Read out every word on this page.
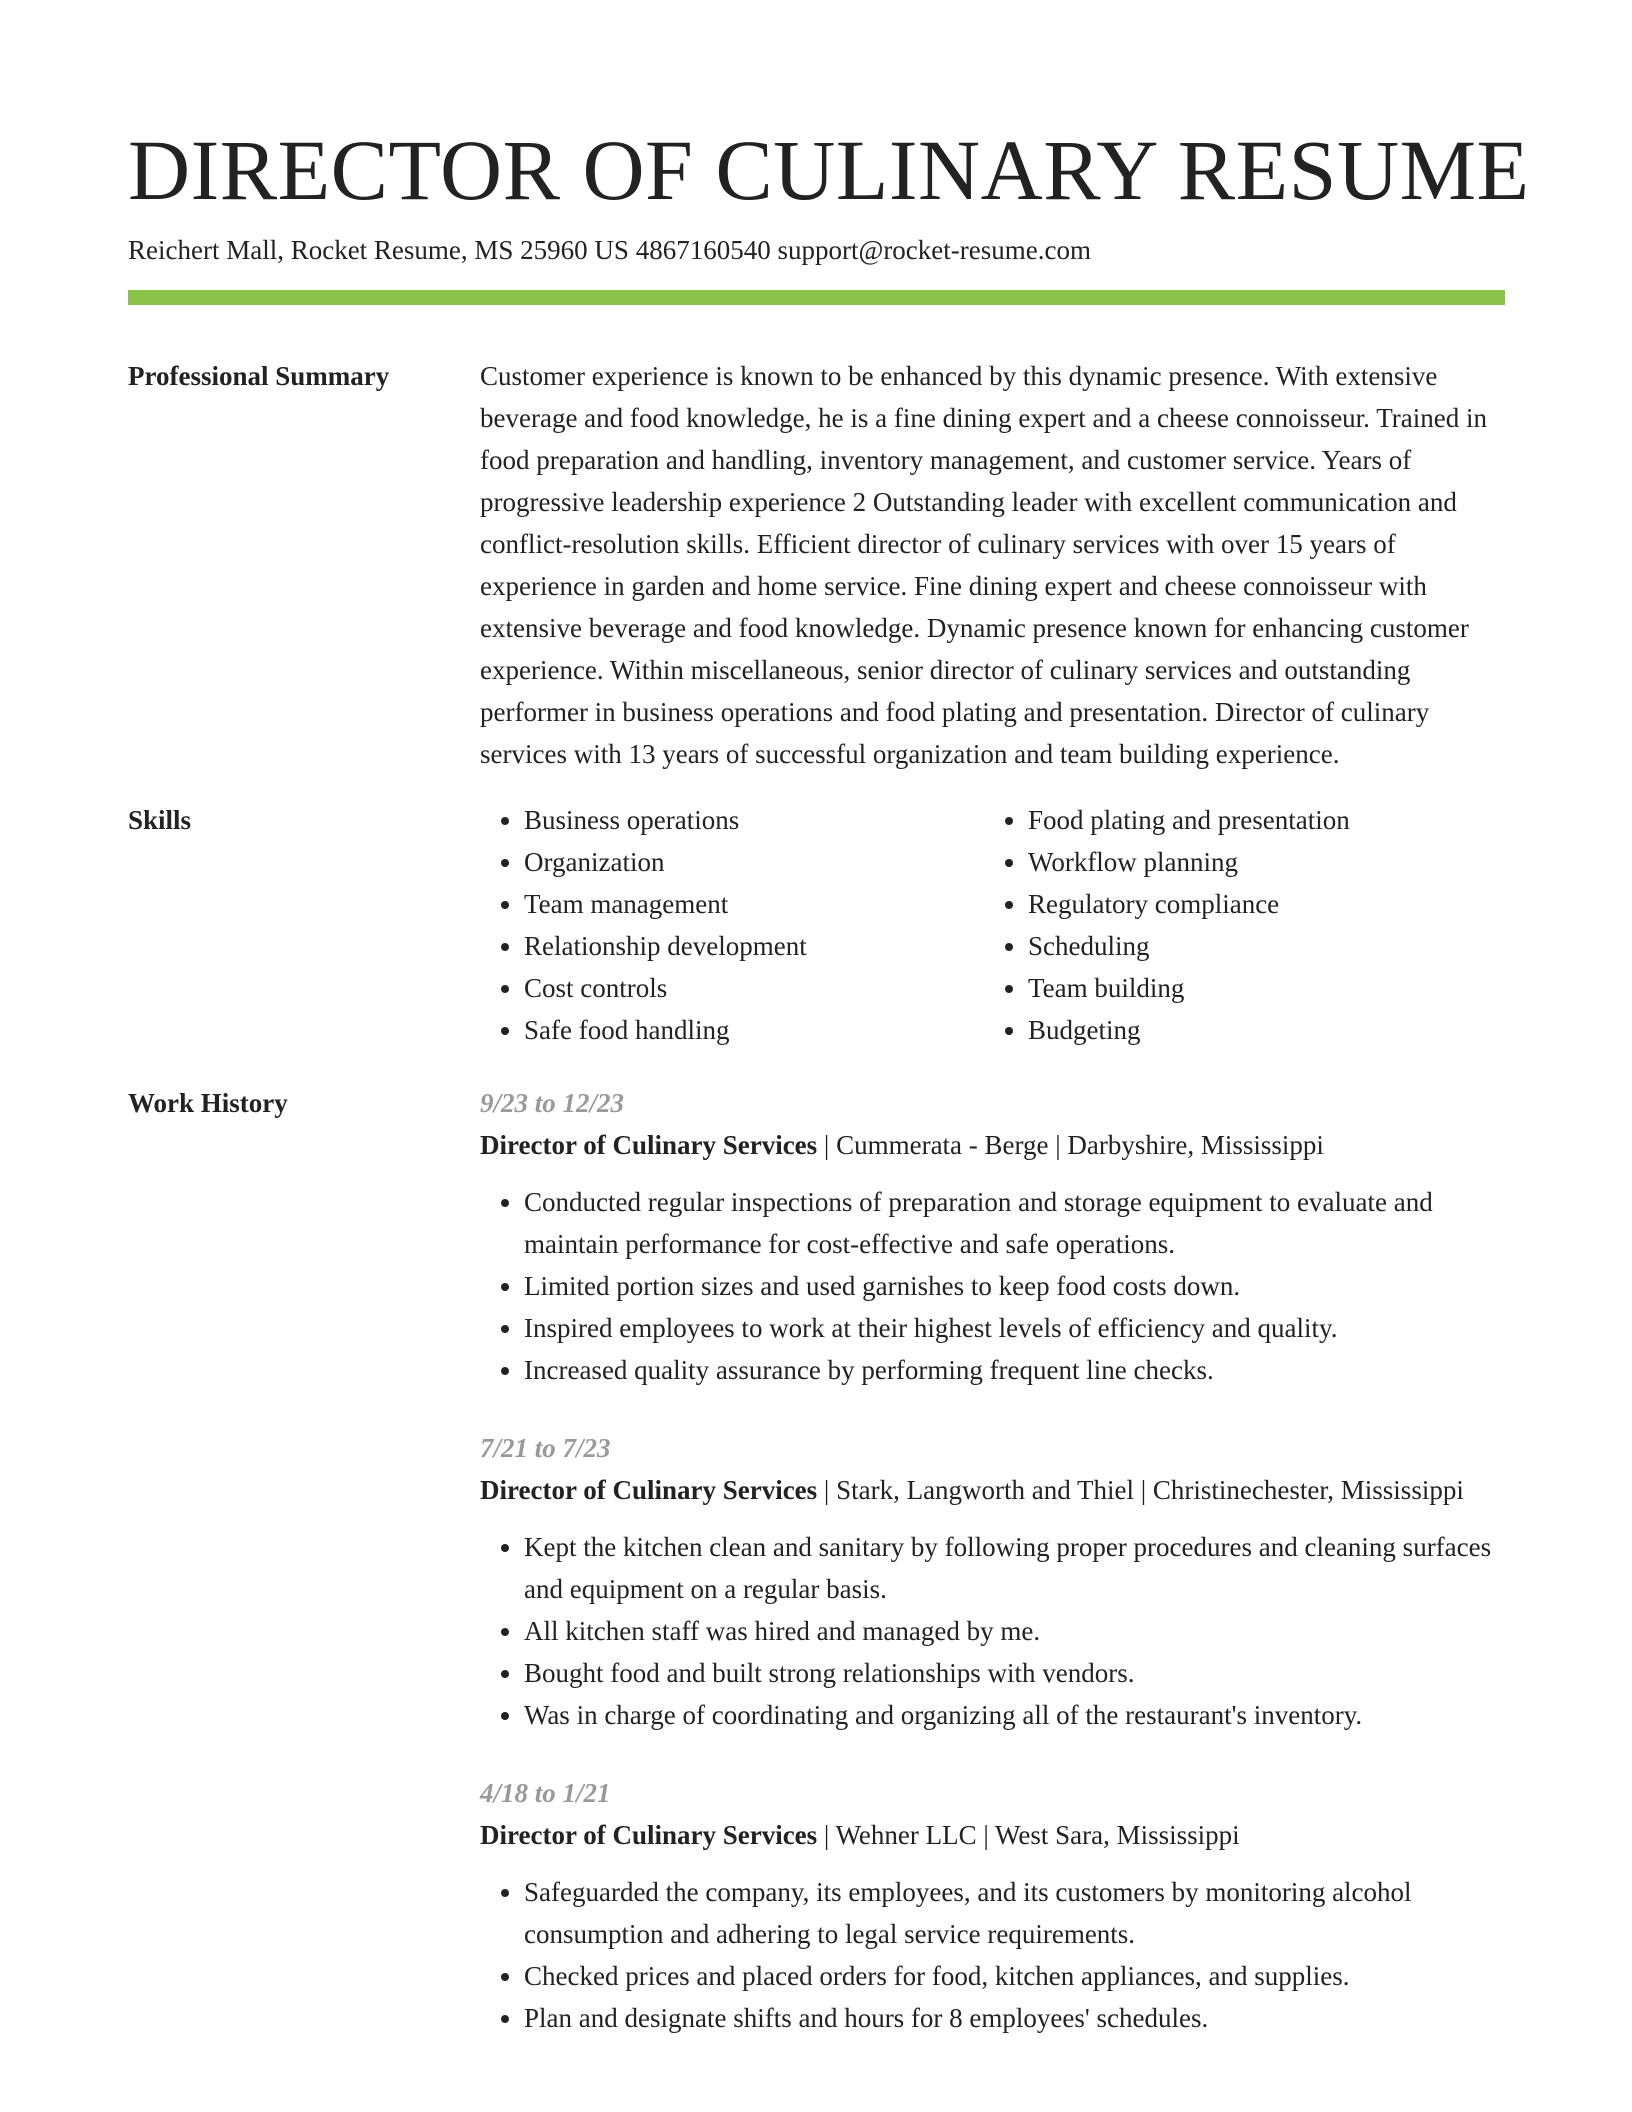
DIRECTOR OF CULINARY RESUME
Reichert Mall, Rocket Resume, MS 25960 US 4867160540 support@rocket-resume.com
Professional Summary	Customer experience is known to be enhanced by this dynamic presence. With extensive beverage and food knowledge, he is a fine dining expert and a cheese connoisseur. Trained in food preparation and handling, inventory management, and customer service. Years of progressive leadership experience 2 Outstanding leader with excellent communication and conflict-resolution skills. Efficient director of culinary services with over 15 years of experience in garden and home service. Fine dining expert and cheese connoisseur with extensive beverage and food knowledge. Dynamic presence known for enhancing customer experience. Within miscellaneous, senior director of culinary services and outstanding performer in business operations and food plating and presentation. Director of culinary services with 13 years of successful organization and team building experience.

Skills
•	Business operations
• Organization
• Team management
• Relationship development
• Cost controls
• Safe food handling
• Food plating and presentation
• Workflow planning
• Regulatory compliance
• Scheduling
• Team building
• Budgeting
Work History	9/23 to 12/23
Director of Culinary Services | Cummerata - Berge | Darbyshire, Mississippi
• Conducted regular inspections of preparation and storage equipment to evaluate and maintain performance for cost-effective and safe operations.
• Limited portion sizes and used garnishes to keep food costs down.
• Inspired employees to work at their highest levels of efficiency and quality.
• Increased quality assurance by performing frequent line checks.
7/21 to 7/23
Director of Culinary Services | Stark, Langworth and Thiel | Christinechester, Mississippi
• Kept the kitchen clean and sanitary by following proper procedures and cleaning surfaces and equipment on a regular basis.
• All kitchen staff was hired and managed by me.
• Bought food and built strong relationships with vendors.
• Was in charge of coordinating and organizing all of the restaurant's inventory.
4/18 to 1/21
Director of Culinary Services | Wehner LLC | West Sara, Mississippi
• Safeguarded the company, its employees, and its customers by monitoring alcohol consumption and adhering to legal service requirements.
• Checked prices and placed orders for food, kitchen appliances, and supplies.
• Plan and designate shifts and hours for 8 employees' schedules.
